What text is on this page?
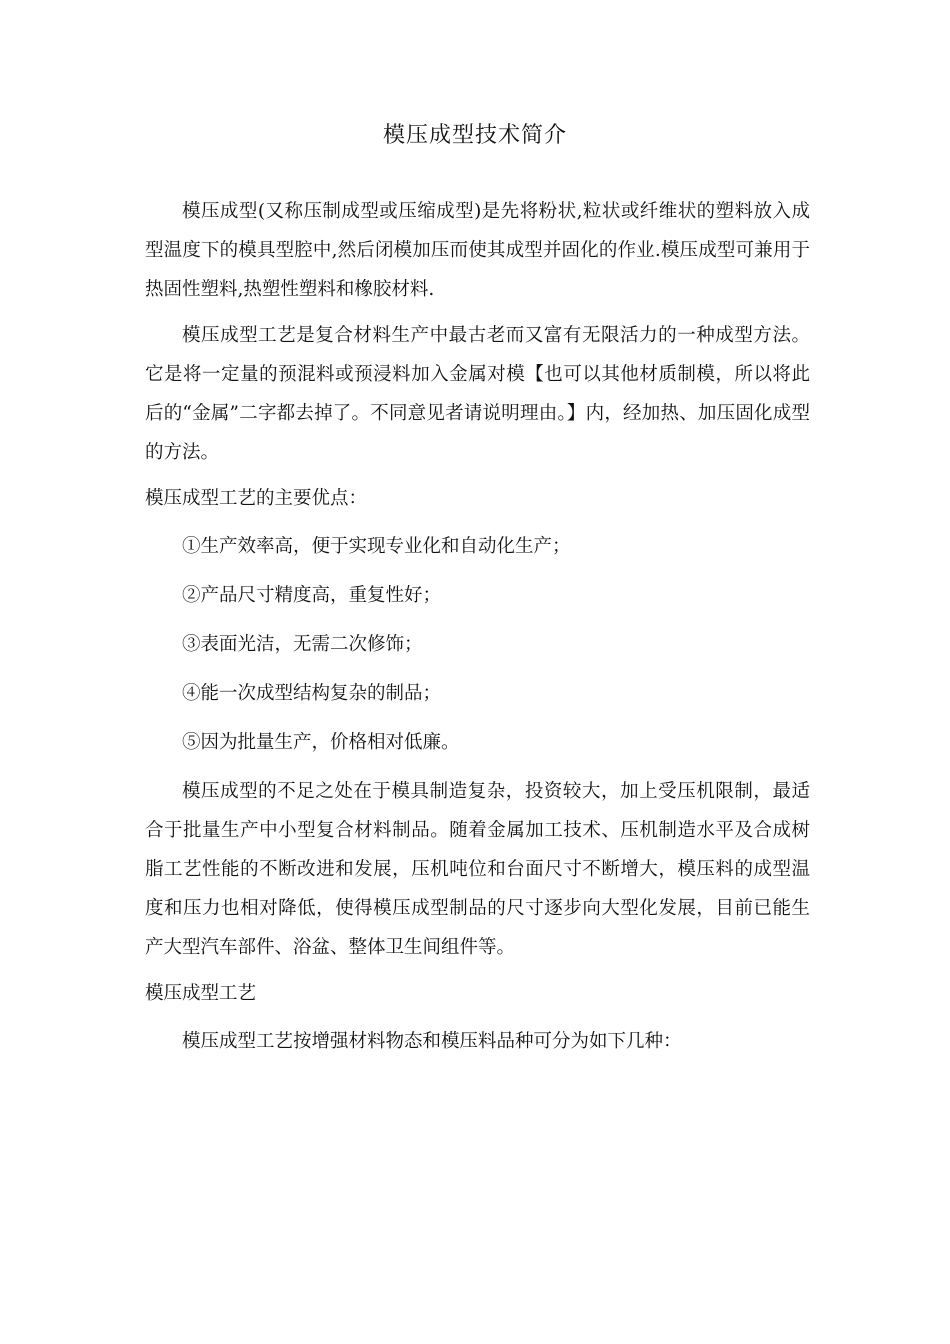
模压成型技术简介

模压成型(又称压制成型或压缩成型)是先将粉状,粒状或纤维状的塑料放入成型温度下的模具型腔中,然后闭模加压而使其成型并固化的作业.模压成型可兼用于热固性塑料,热塑性塑料和橡胶材料.

模压成型工艺是复合材料生产中最古老而又富有无限活力的一种成型方法。它是将一定量的预混料或预浸料加入金属对模【也可以其他材质制模，所以将此后的“金属”二字都去掉了。不同意见者请说明理由。】内，经加热、加压固化成型的方法。

模压成型工艺的主要优点：

①生产效率高，便于实现专业化和自动化生产；

②产品尺寸精度高，重复性好；

③表面光洁，无需二次修饰；

④能一次成型结构复杂的制品；

⑤因为批量生产，价格相对低廉。

模压成型的不足之处在于模具制造复杂，投资较大，加上受压机限制，最适合于批量生产中小型复合材料制品。随着金属加工技术、压机制造水平及合成树脂工艺性能的不断改进和发展，压机吨位和台面尺寸不断增大，模压料的成型温度和压力也相对降低，使得模压成型制品的尺寸逐步向大型化发展，目前已能生产大型汽车部件、浴盆、整体卫生间组件等。

模压成型工艺

模压成型工艺按增强材料物态和模压料品种可分为如下几种：
